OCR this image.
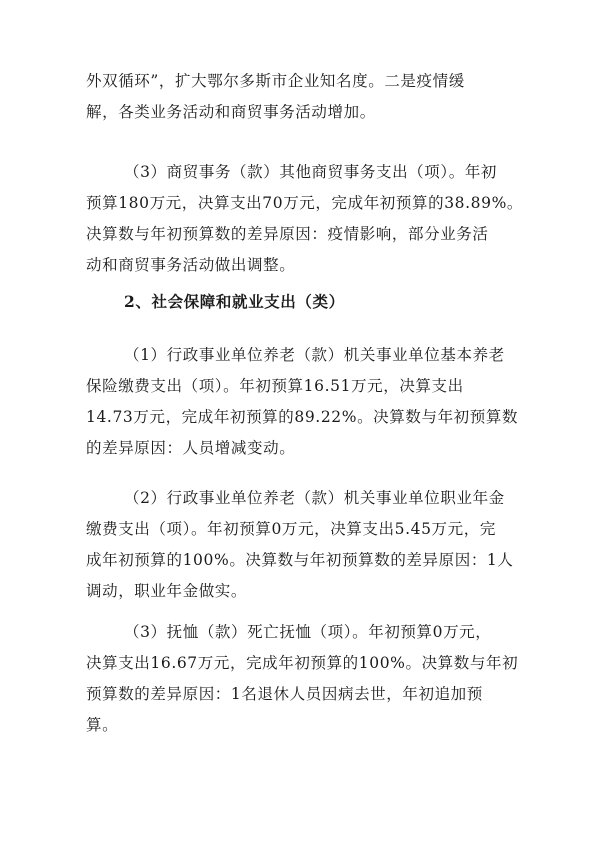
外双循环”，扩大鄂尔多斯市企业知名度。二是疫情缓
解，各类业务活动和商贸事务活动增加。

（3）商贸事务（款）其他商贸事务支出（项）。年初
预算180万元，决算支出70万元，完成年初预算的38.89%。
决算数与年初预算数的差异原因：疫情影响，部分业务活
动和商贸事务活动做出调整。

2、社会保障和就业支出（类）

（1）行政事业单位养老（款）机关事业单位基本养老
保险缴费支出（项）。年初预算16.51万元，决算支出
14.73万元，完成年初预算的89.22%。决算数与年初预算数
的差异原因：人员增减变动。

（2）行政事业单位养老（款）机关事业单位职业年金
缴费支出（项）。年初预算0万元，决算支出5.45万元，完
成年初预算的100%。决算数与年初预算数的差异原因：1人
调动，职业年金做实。

（3）抚恤（款）死亡抚恤（项）。年初预算0万元，
决算支出16.67万元，完成年初预算的100%。决算数与年初
预算数的差异原因：1名退休人员因病去世，年初追加预
算。
